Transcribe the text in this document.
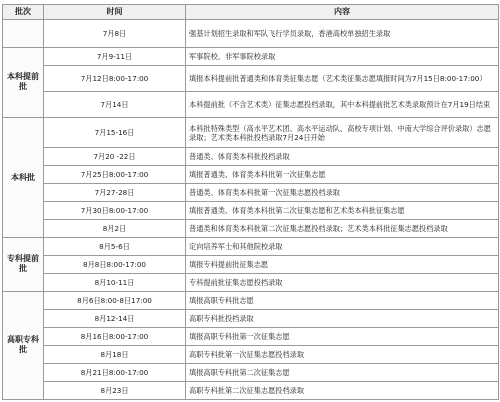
批次	时间	内容
	7月8日	强基计划招生录取和军队飞行学员录取，香港高校单独招生录取
本科提前批	7月9-11日	军事院校、非军事院校录取
	7月12日8:00-17:00	填报本科提前批普通类和体育类征集志愿（艺术类征集志愿填报时间为7月15日8:00-17:00）
	7月14日	本科提前批（不含艺术类）征集志愿投档录取，其中本科提前批艺术类录取预计在7月19日结束
本科批	7月15-16日	本科批特殊类型（高水平艺术团、高水平运动队、高校专项计划、中南大学综合评价录取）志愿录取；艺术类本科批投档录取7月24日开始
	7月20 -22日	普通类、体育类本科批投档录取
	7月25日8:00-17:00	填报普通类、体育类本科批第一次征集志愿
	7月27-28日	普通类、体育类本科批第一次征集志愿投档录取
	7月30日8:00-17:00	填报普通类、体育类本科批第二次征集志愿和艺术类本科批征集志愿
	8月2日	普通类和体育类本科批第二次征集志愿投档录取；艺术类本科批征集志愿投档录取
专科提前批	8月5-6日	定向培养军士和其他院校录取
	8月8日8:00-17:00	填报专科提前批征集志愿
	8月10-11日	专科提前批征集志愿投档录取
高职专科批	8月6日8:00-8日17:00	填报高职专科批志愿
	8月12-14日	高职专科批投档录取
	8月16日8:00-17:00	填报高职专科批第一次征集志愿
	8月18日	高职专科批第一次征集志愿投档录取
	8月21日8:00-17:00	填报高职专科批第二次征集志愿
	8月23日	高职专科批第二次征集志愿投档录取
